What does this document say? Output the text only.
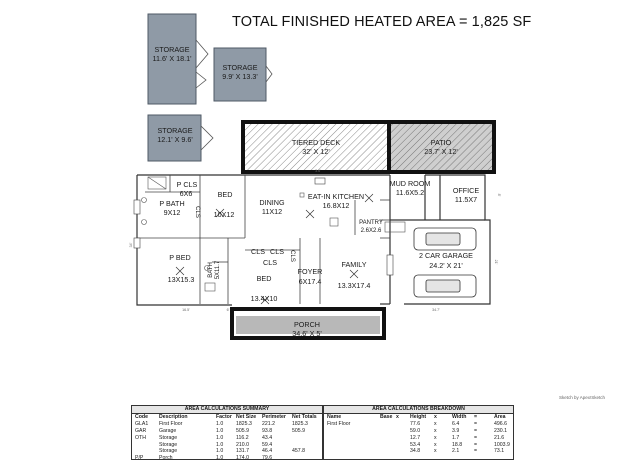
STORAGE
11.6' X 18.1'
STORAGE
9.9' X 13.3'
STORAGE
12.1' X 9.6'	TIERED DECK
32' X 12'
PATIO
23.7' X 12'
P CLS
6X6
P BATH
9X12 CLS
BED
10X12
DINING
11X12
EAT-IN KITCHEN
16.8X12
MUD ROOM
11.6X5.2	OFFICE
11.5X7
PANTRY
2.6X2.6
P BED
13X15.3
BATH 5X11.7
CLS CLS
CLS
CLS
BED
13.4X10
FOYER
6X17.4
FAMILY
13.3X17.4
2 CAR GARAGE
24.2' X 21'
PORCH
34.6' X 5'
34'
16.5'	6'	34.7'
21'
8'
3.6'
TOTAL FINISHED HEATED AREA = 1,825 SF
Sketch by Apex!Sketch
AREA CALCULATIONS SUMMARY
Code Description	Factor Net Size Perimeter Net Totals
GLA1 First Floor	1.0 1825.3 221.2	1825.3
GAR Garage	1.0 505.9	93.8	505.9
OTH	Storage	1.0 116.2	43.4
Storage	1.0 210.0	59.4
Storage	1.0 131.7	46.4	457.8
P/P	Porch	1.0 174.0	79.6
AREA CALCULATIONS BREAKDOWN
Name	Base x Height x	Width =	Area
First Floor	77.6	x	6.4	=	496.6
59.0	x	3.9	=	230.1
12.7	x	1.7	=	21.6
53.4	x	18.8 =	1003.9
34.8	x	2.1	=	73.1
